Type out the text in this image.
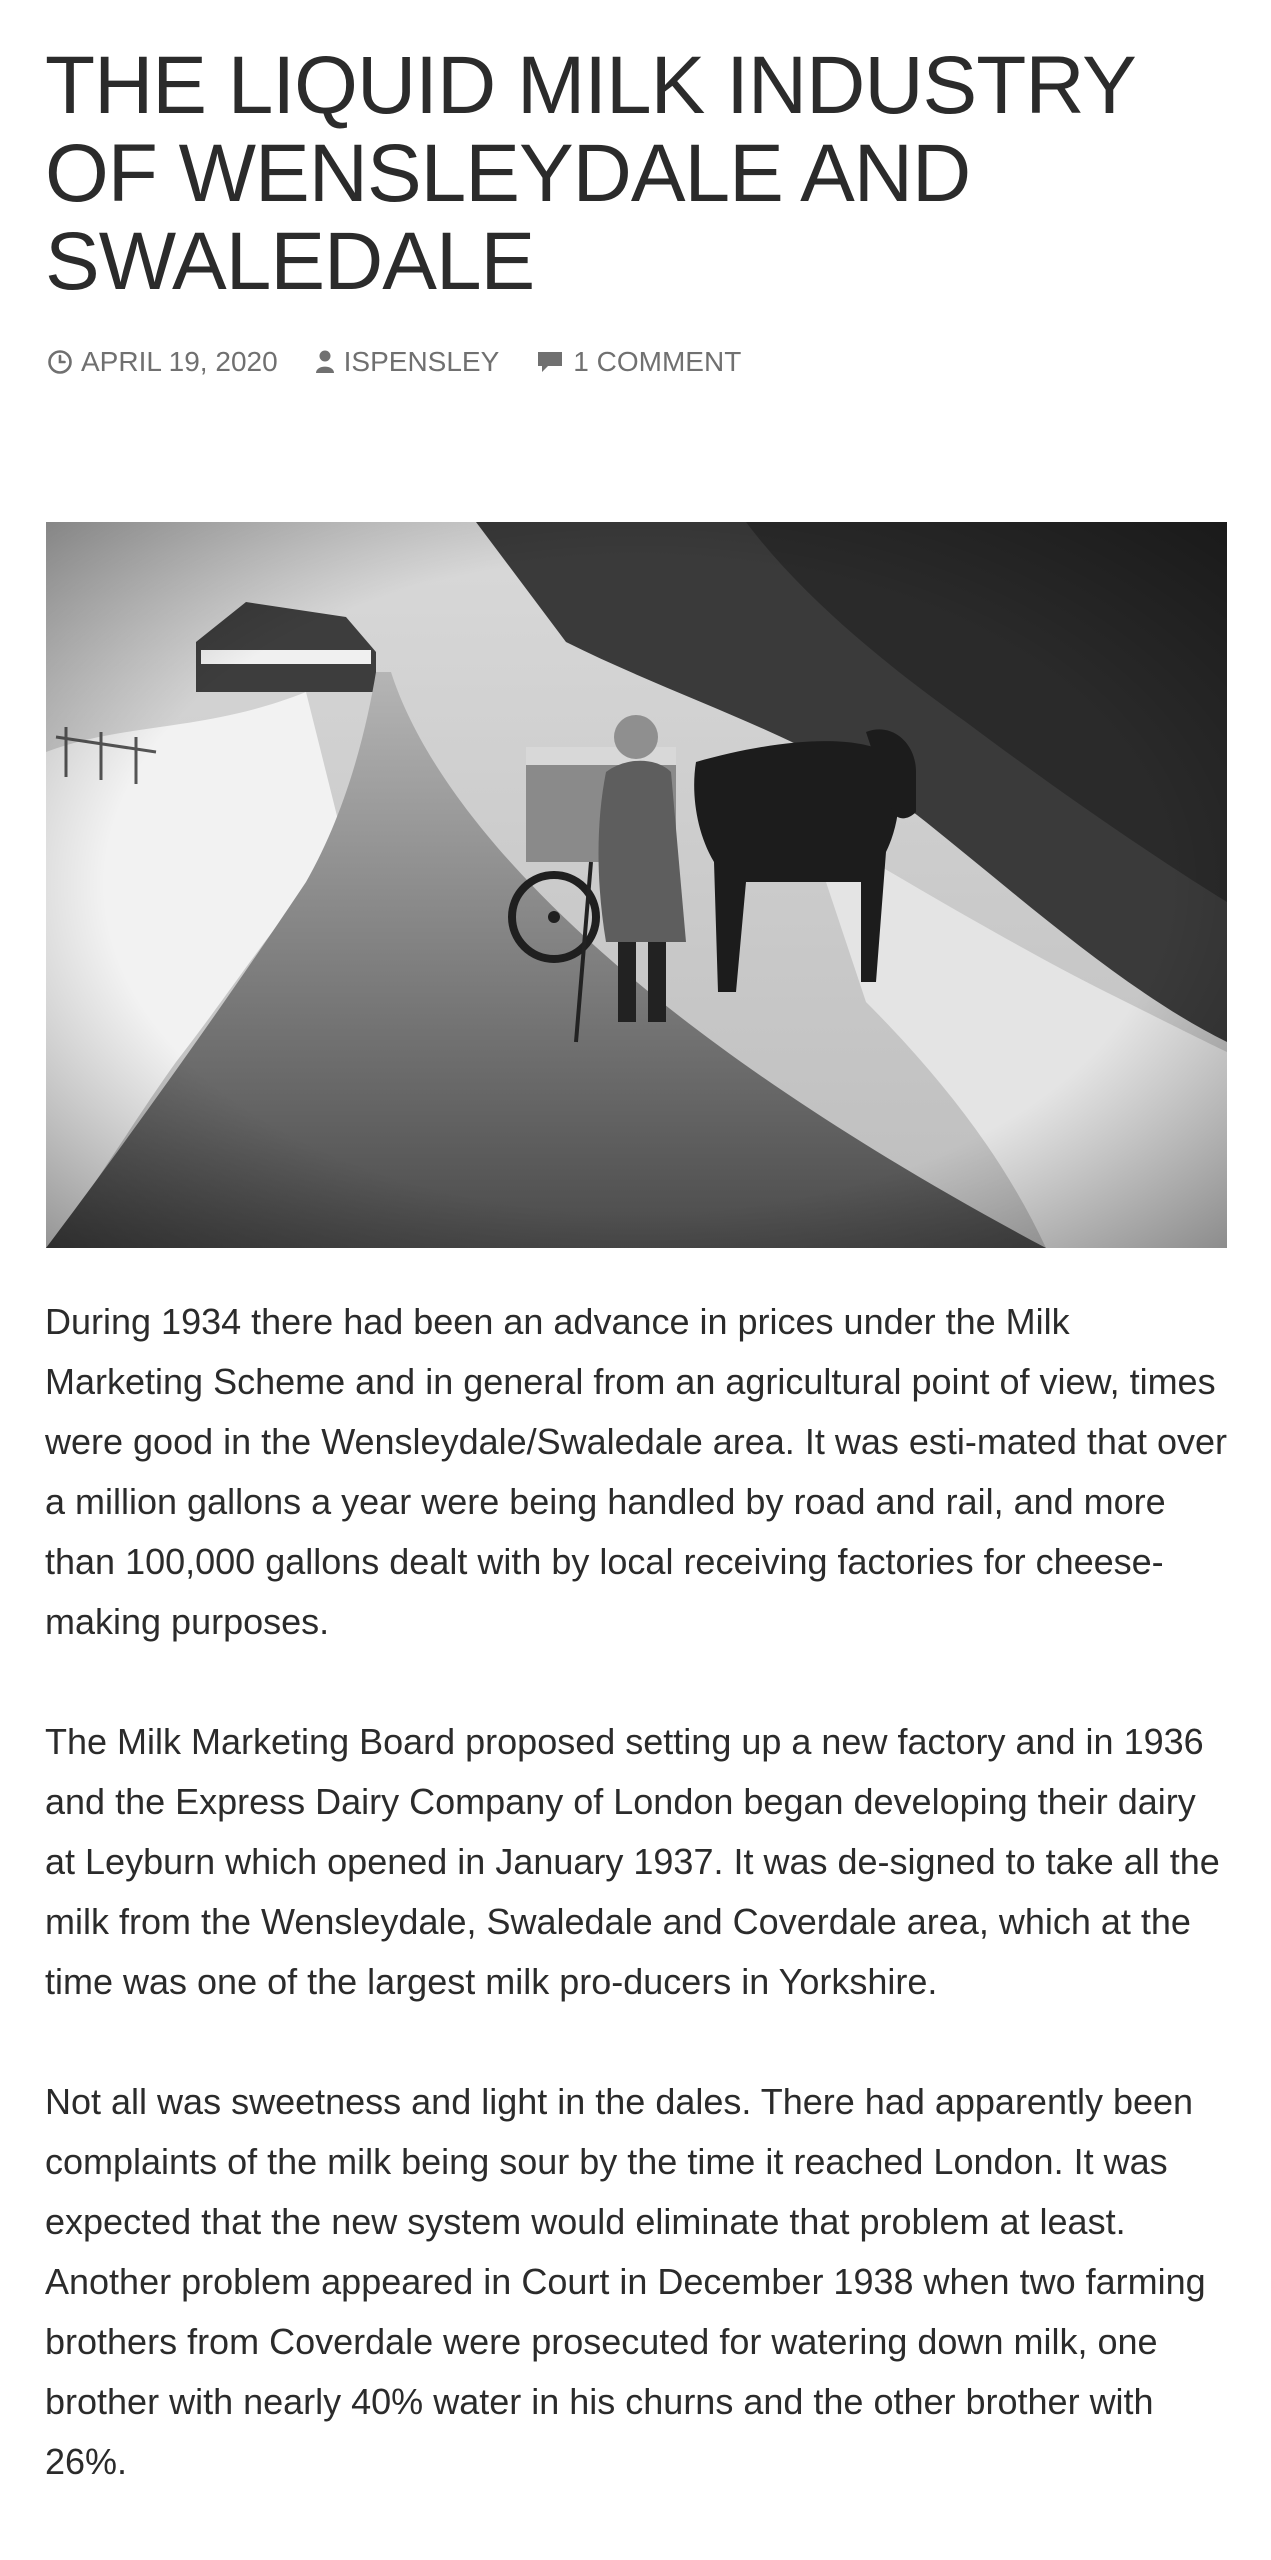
THE LIQUID MILK INDUSTRY OF WENSLEYDALE AND SWALEDALE
APRIL 19, 2020 ISPENSLEY	1 COMMENT

During 1934 there had been an advance in prices under the Milk Marketing Scheme and in general from an agricultural point of view, times were good in the Wensleydale/Swaledale area. It was esti-mated that over a million gallons a year were being handled by road and rail, and more than 100,000 gallons dealt with by local receiving factories for cheese-making purposes.

The Milk Marketing Board proposed setting up a new factory and in 1936 and the Express Dairy Company of London began developing their dairy at Leyburn which opened in January 1937. It was de-signed to take all the milk from the Wensleydale, Swaledale and Coverdale area, which at the time was one of the largest milk pro-ducers in Yorkshire.

Not all was sweetness and light in the dales. There had apparently been complaints of the milk being sour by the time it reached London. It was expected that the new system would eliminate that problem at least. Another problem appeared in Court in December 1938 when two farming brothers from Coverdale were prosecuted for watering down milk, one brother with nearly 40% water in his churns and the other brother with 26%.
